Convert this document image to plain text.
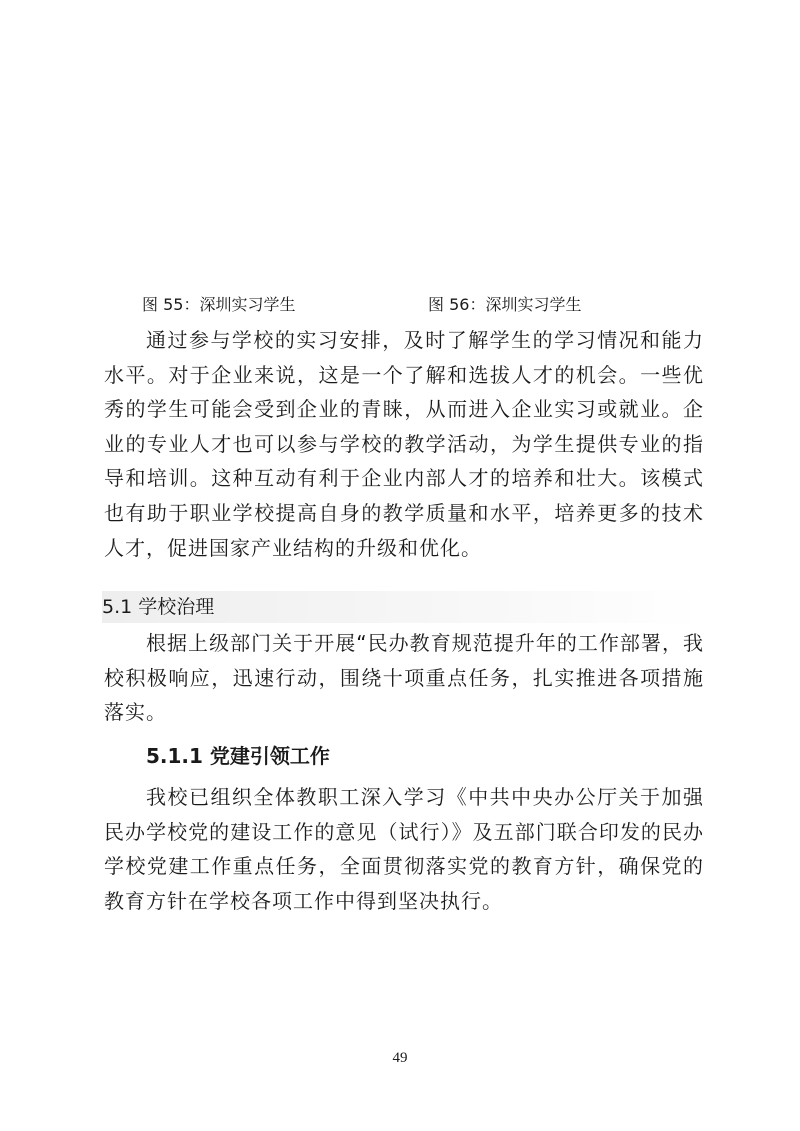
图 55：深圳实习学生	图 56：深圳实习学生

通过参与学校的实习安排，及时了解学生的学习情况和能力水平。对于企业来说，这是一个了解和选拔人才的机会。一些优秀的学生可能会受到企业的青睐，从而进入企业实习或就业。企业的专业人才也可以参与学校的教学活动，为学生提供专业的指导和培训。这种互动有利于企业内部人才的培养和壮大。该模式也有助于职业学校提高自身的教学质量和水平，培养更多的技术人才，促进国家产业结构的升级和优化。

5.1 学校治理

根据上级部门关于开展“民办教育规范提升年的工作部署，我校积极响应，迅速行动，围绕十项重点任务，扎实推进各项措施落实。

5.1.1 党建引领工作

我校已组织全体教职工深入学习《中共中央办公厅关于加强民办学校党的建设工作的意见（试行）》及五部门联合印发的民办学校党建工作重点任务，全面贯彻落实党的教育方针，确保党的教育方针在学校各项工作中得到坚决执行。

49
